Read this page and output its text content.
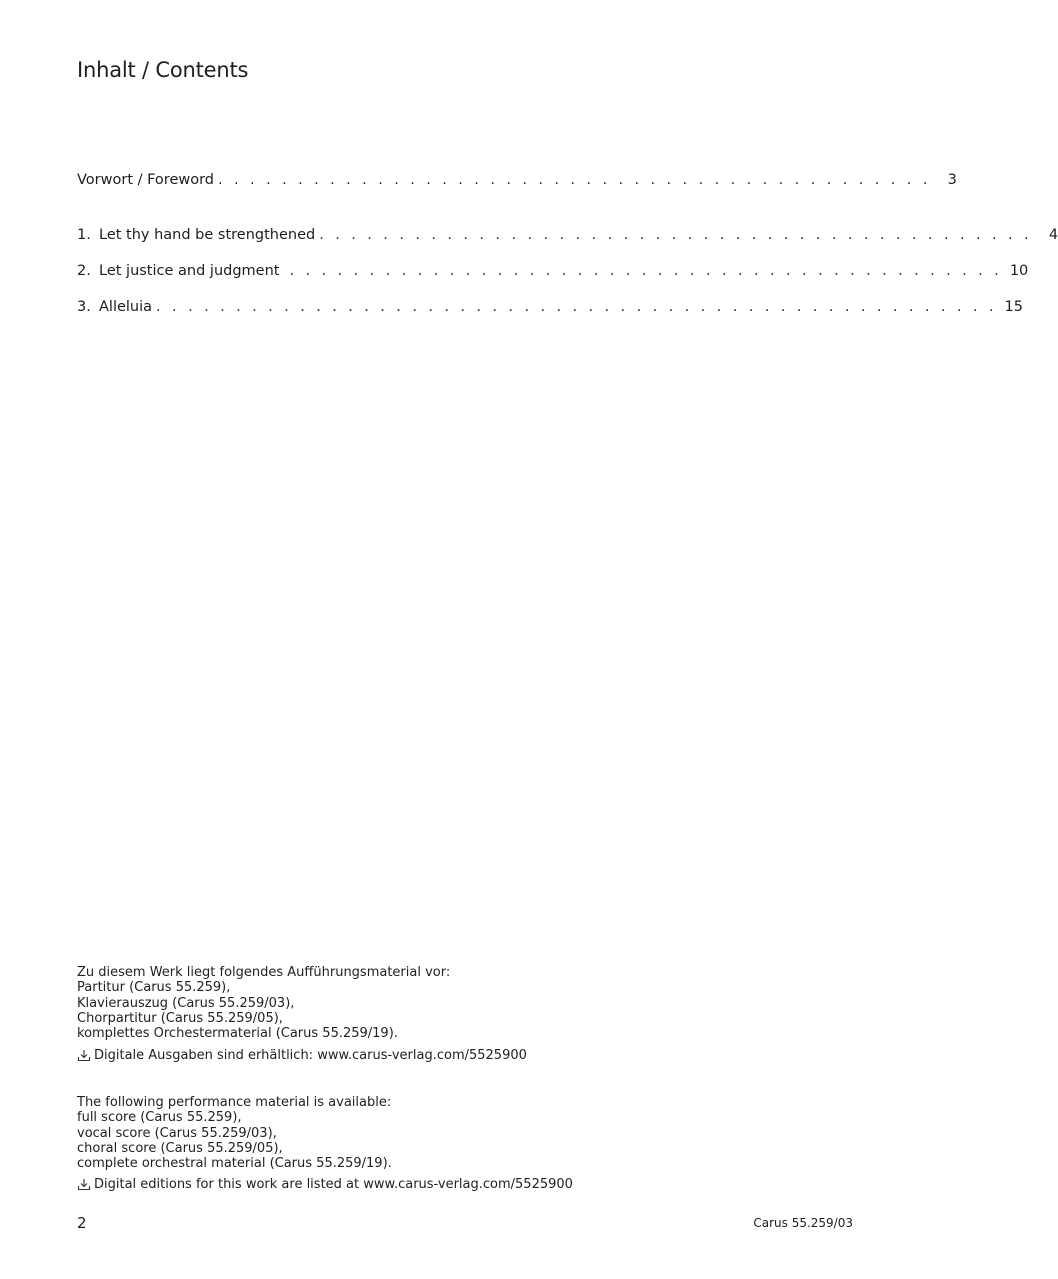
Inhalt / Contents
Vorwort / Foreword . . . . . . . . . . . . . . . . . . . . . . . . . . . . . . . . . . . . . . . . . . . . .	3
1. Let thy hand be strengthened . . . . . . . . . . . . . . . . . . . . . . . . . . . . . . . . . . . . . . . . . . . . .	4
2. Let justice and judgment . . . . . . . . . . . . . . . . . . . . . . . . . . . . . . . . . . . . . . . . . . . . . 10
3. Alleluia . . . . . . . . . . . . . . . . . . . . . . . . . . . . . . . . . . . . . . . . . . . . . . . . . . . . . 15

Zu diesem Werk liegt folgendes Aufführungsmaterial vor:

Partitur (Carus 55.259),

Klavierauszug (Carus 55.259/03),

Chorpartitur (Carus 55.259/05),

komplettes Orchestermaterial (Carus 55.259/19).

Digitale Ausgaben sind erhältlich: www.carus-verlag.com/5525900

The following performance material is available:

full score (Carus 55.259),

vocal score (Carus 55.259/03),

choral score (Carus 55.259/05),

complete orchestral material (Carus 55.259/19).

Digital editions for this work are listed at www.carus-verlag.com/5525900
2	Carus 55.259/03
